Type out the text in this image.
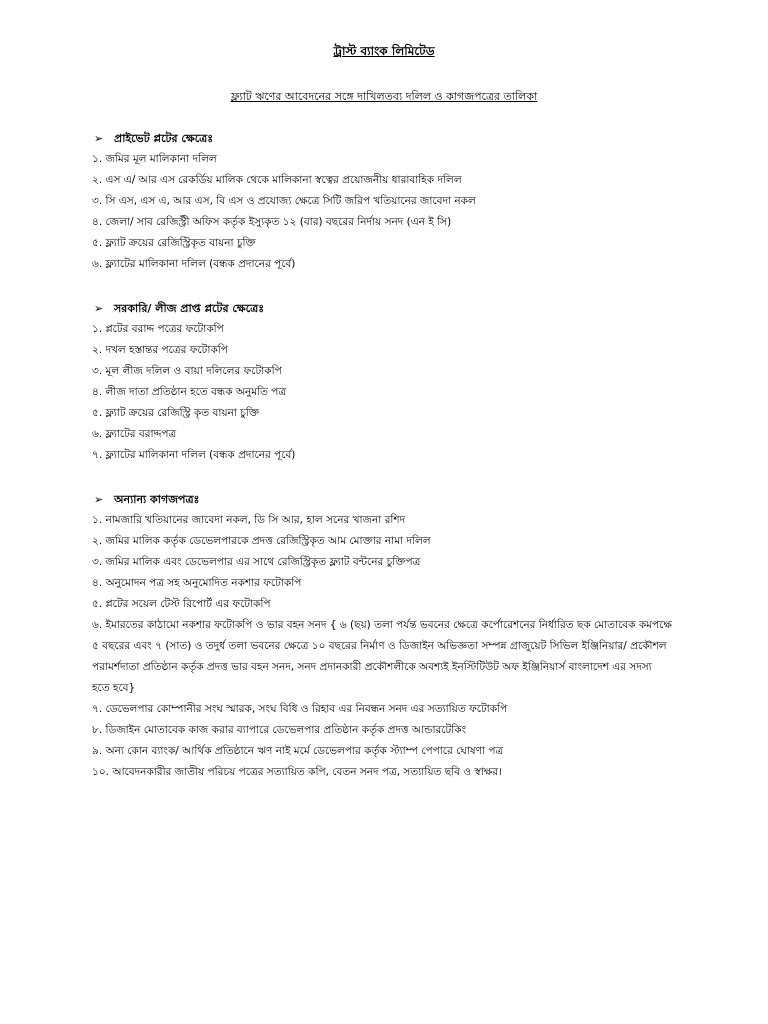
ট্রাস্ট ব্যাংক লিমিটেড
ফ্ল্যাট ঋণের আবেদনের সঙ্গে দাখিলতব্য দলিল ও কাগজপত্রের তালিকা
➢ প্রাইভেট প্লটের ক্ষেত্রেঃ
১. জমির মূল মালিকানা দলিল
২. এস এ/ আর এস রেকর্ডিয় মালিক থেকে মালিকানা স্বত্বের প্রয়োজনীয় ধারাবাহিক দলিল
৩. সি এস, এস এ, আর এস, বি এস ও প্রযোজ্য ক্ষেত্রে সিটি জরিপ খতিয়ানের জাবেদা নকল
৪. জেলা/ সাব রেজিস্ট্রী অফিস কর্তৃক ইস্যুকৃত ১২ (বার) বছরের নির্দায় সনদ (এন ই সি)
৫. ফ্ল্যাট ক্রয়ের রেজিস্ট্রিকৃত বায়না চুক্তি
৬. ফ্ল্যাটের মালিকানা দলিল (বন্ধক প্রদানের পূর্বে)
➢ সরকারি/ লীজ প্রাপ্ত প্লটের ক্ষেত্রেঃ
১. প্লটের বরাদ্দ পত্রের ফটোকপি
২. দখল হস্তান্তর পত্রের ফটোকপি
৩. মূল লীজ দলিল ও বায়া দলিলের ফটোকপি
৪. লীজ দাতা প্রতিষ্ঠান হতে বন্ধক অনুমতি পত্র
৫. ফ্ল্যাট ক্রয়ের রেজিস্ট্রি কৃত বায়না চুক্তি
৬. ফ্ল্যাটের বরাদ্দপত্র
৭. ফ্ল্যাটের মালিকানা দলিল (বন্ধক প্রদানের পূর্বে)
➢ অন্যান্য কাগজপত্রঃ
১. নামজারি খতিয়ানের জাবেদা নকল, ডি সি আর, হাল সনের খাজনা রশিদ
২. জমির মালিক কর্তৃক ডেভেলপারকে প্রদত্ত রেজিস্ট্রিকৃত আম মোক্তার নামা দলিল
৩. জমির মালিক এবং ডেভেলপার এর সাথে রেজিস্ট্রিকৃত ফ্ল্যাট বন্টনের চুক্তিপত্র
৪. অনুমোদন পত্র সহ অনুমোদিত নকশার ফটোকপি
৫. প্লটের সয়েল টেস্ট রিপোর্ট এর ফটোকপি
৬. ইমারতের কাঠামো নকশার ফটোকপি ও ভার বহন সনদ { ৬ (ছয়) তলা পর্যন্ত ভবনের ক্ষেত্রে কর্পোরেশনের নির্ধারিত ছক মোতাবেক কমপক্ষে ৫ বছরের এবং ৭ (সাত) ও তদুর্ধ তলা ভবনের ক্ষেত্রে ১০ বছরের নির্মাণ ও ডিজাইন অভিজ্ঞতা সম্পন্ন গ্রাজুয়েট সিভিল ইঞ্জিনিয়ার/ প্রকৌশল পরামর্শদাতা প্রতিষ্ঠান কর্তৃক প্রদত্ত ভার বহন সনদ, সনদ প্রদানকারী প্রকৌশলীকে অবশ্যই ইনস্টিটিউট অফ ইঞ্জিনিয়ার্স বাংলাদেশ এর সদস্য হতে হবে}
৭. ডেভেলপার কোম্পানীর সংঘ স্মারক, সংঘ বিধি ও রিহাব এর নিবন্ধন সনদ এর সত্যায়িত ফটোকপি
৮. ডিজাইন মোতাবেক কাজ করার ব্যাপারে ডেভেলপার প্রতিষ্ঠান কর্তৃক প্রদত্ত আন্ডারটেকিং
৯. অন্য কোন ব্যাংক/ আর্থিক প্রতিষ্ঠানে ঋণ নাই মর্মে ডেভেলপার কর্তৃক স্ট্যাম্প পেপারে ঘোষণা পত্র
১০. আবেদনকারীর জাতীয় পরিচয় পত্রের সত্যায়িত কপি, বেতন সনদ পত্র, সত্যায়িত ছবি ও স্বাক্ষর।
